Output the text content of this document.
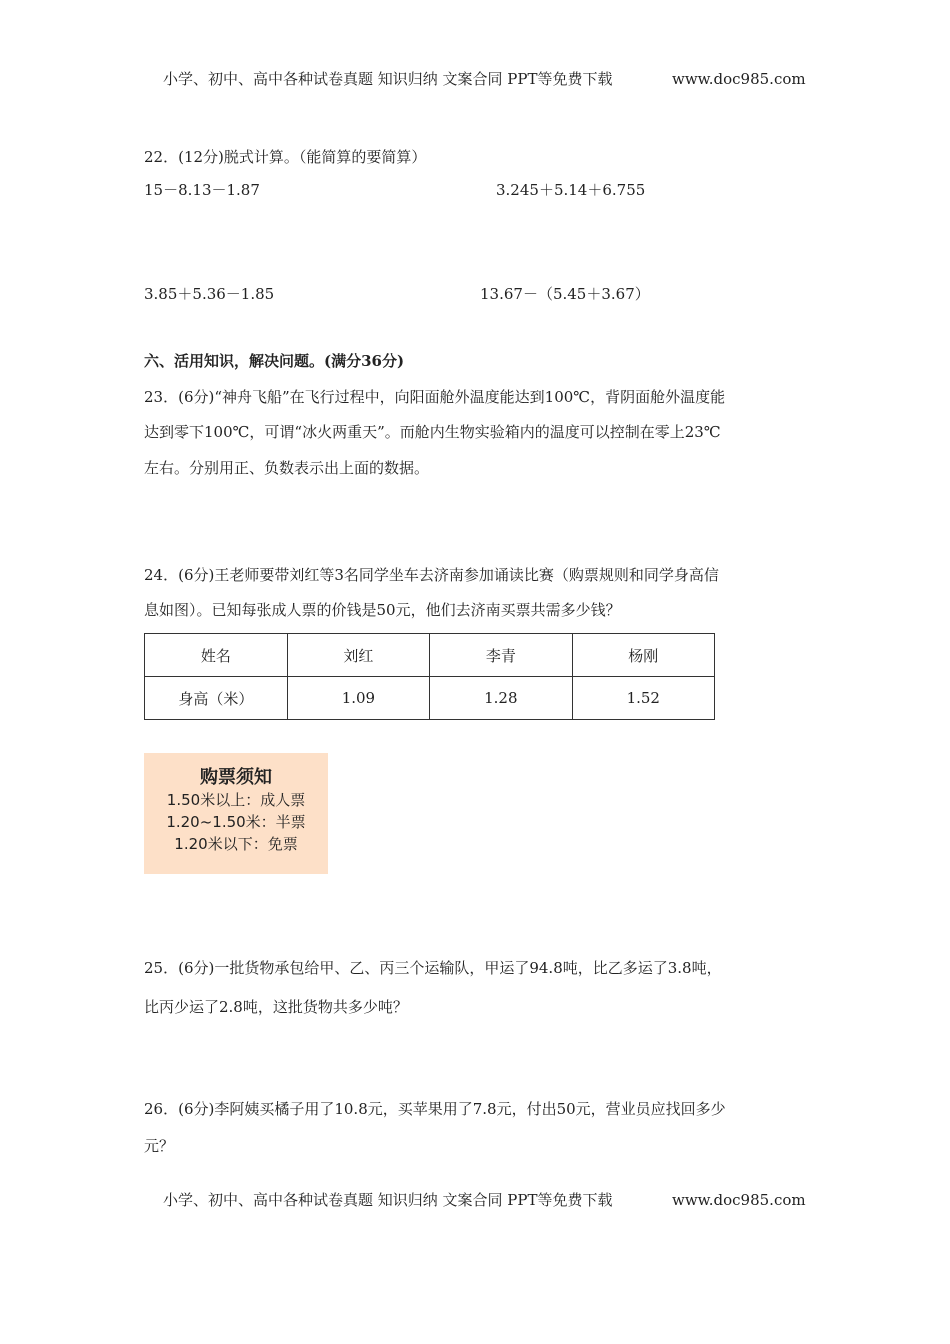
小学、初中、高中各种试卷真题 知识归纳 文案合同 PPT等免费下载	www.doc985.com
22．(12分)脱式计算。（能简算的要简算）
15－8.13－1.87	3.245＋5.14＋6.755
3.85＋5.36－1.85	13.67－（5.45＋3.67）
六、活用知识，解决问题。(满分36分)
23．(6分)“神舟飞船”在飞行过程中，向阳面舱外温度能达到100℃，背阴面舱外温度能
达到零下100℃，可谓“冰火两重天”。而舱内生物实验箱内的温度可以控制在零上23℃
左右。分别用正、负数表示出上面的数据。
24．(6分)王老师要带刘红等3名同学坐车去济南参加诵读比赛（购票规则和同学身高信
息如图）。已知每张成人票的价钱是50元，他们去济南买票共需多少钱？
姓名	刘红	李青	杨刚
身高（米）	1.09	1.28	1.52
购票须知
1.50米以上：成人票
1.20~1.50米：半票
1.20米以下：免票
25．(6分)一批货物承包给甲、乙、丙三个运输队，甲运了94.8吨，比乙多运了3.8吨，
比丙少运了2.8吨，这批货物共多少吨？
26．(6分)李阿姨买橘子用了10.8元，买苹果用了7.8元，付出50元，营业员应找回多少
元？
小学、初中、高中各种试卷真题 知识归纳 文案合同 PPT等免费下载	www.doc985.com
